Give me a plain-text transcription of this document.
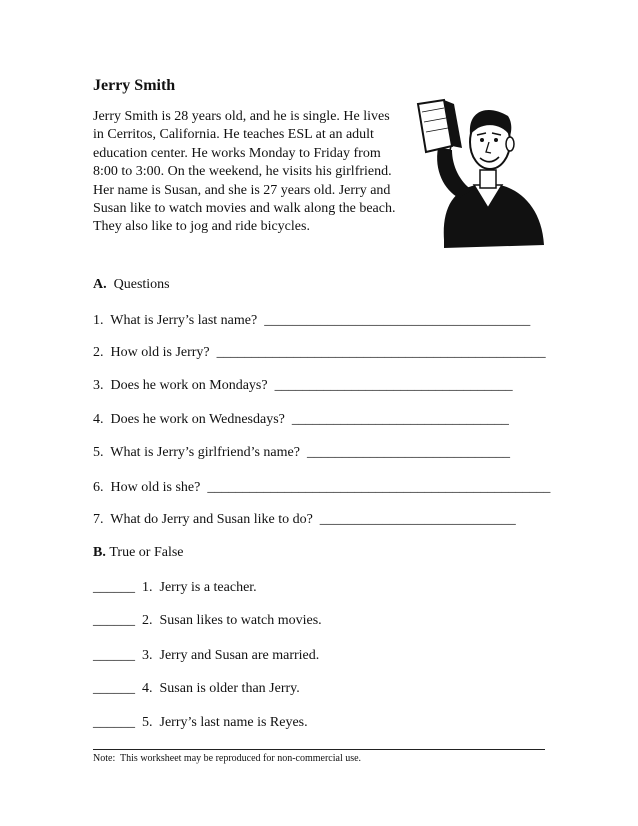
Jerry Smith

Jerry Smith is 28 years old, and he is single. He lives in Cerritos, California. He teaches ESL at an adult education center. He works Monday to Friday from 8:00 to 3:00. On the weekend, he visits his girlfriend. Her name is Susan, and she is 27 years old. Jerry and Susan like to watch movies and walk along the beach. They also like to jog and ride bicycles.

A. Questions

1.  What is Jerry’s last name?  ______________________________________

2.  How old is Jerry?  _______________________________________________

3.  Does he work on Mondays?  __________________________________

4.  Does he work on Wednesdays?  _______________________________

5.  What is Jerry’s girlfriend’s name?  _____________________________

6.  How old is she?  _________________________________________________

7.  What do Jerry and Susan like to do?  ____________________________

B. True or False

______  1.  Jerry is a teacher.

______  2.  Susan likes to watch movies.

______  3.  Jerry and Susan are married.

______  4.  Susan is older than Jerry.

______  5.  Jerry’s last name is Reyes.

Note:  This worksheet may be reproduced for non-commercial use.
